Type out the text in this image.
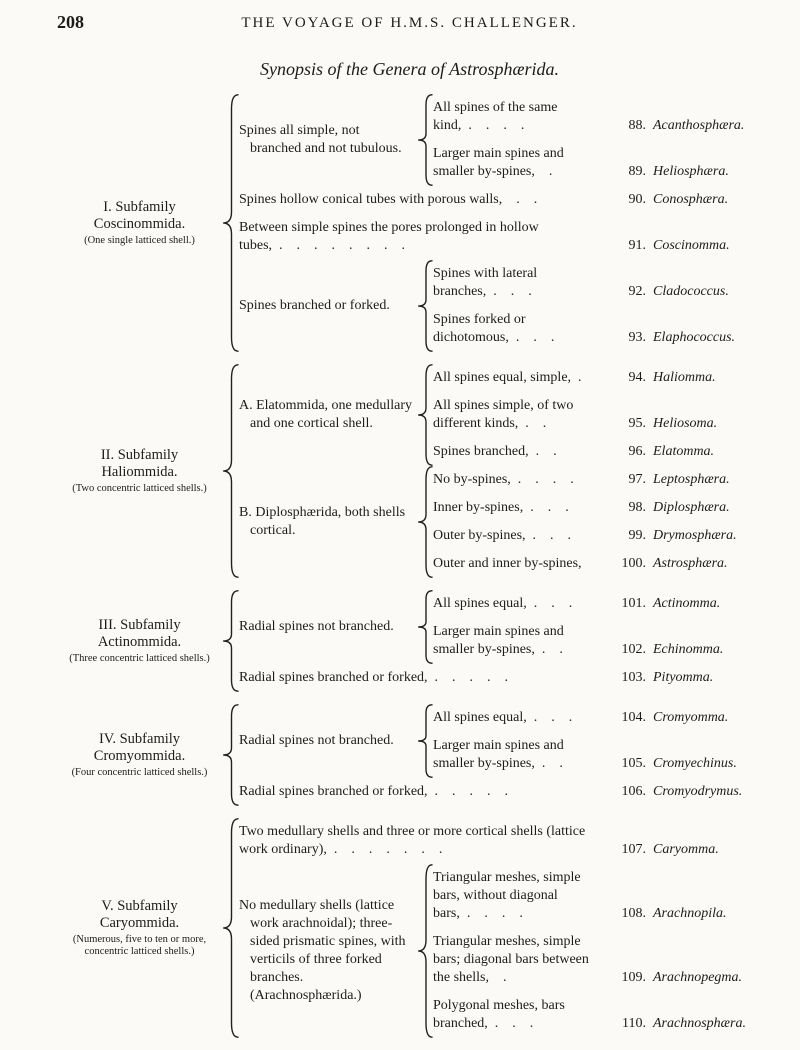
208	THE VOYAGE OF H.M.S. CHALLENGER.
Synopsis of the Genera of Astrosphærida.
I. Subfamily
Coscinommida.
(One single latticed shell.)
Spines all simple, not branched and not tubulous.
All spines of the same kind, . . . .	88. Acanthosphæra.
Larger main spines and smaller by-spines, .	89. Heliosphæra.
Spines hollow conical tubes with porous walls, . .	90. Conosphæra.
Between simple spines the pores prolonged in hollow tubes, . . . . . . . .	91. Coscinomma.
Spines branched or forked.
Spines with lateral branches, . . .	92. Cladococcus.
Spines forked or dichotomous, . . .	93. Elaphococcus.
II. Subfamily
Haliommida.
(Two concentric latticed shells.)
A. Elatommida, one medullary and one cortical shell.
All spines equal, simple, .	94. Haliomma.
All spines simple, of two different kinds, . .	95. Heliosoma.
Spines branched, . .	96. Elatomma.
B. Diplosphærida, both shells cortical.
No by-spines, . . . .	97. Leptosphæra.
Inner by-spines, . . .	98. Diplosphæra.
Outer by-spines, . . .	99. Drymosphæra.
Outer and inner by-spines,	100. Astrosphæra.
III. Subfamily
Actinommida.
(Three concentric latticed shells.)
Radial spines not branched.
All spines equal, . . .	101. Actinomma.
Larger main spines and smaller by-spines, . .	102. Echinomma.
Radial spines branched or forked, . . . . .	103. Pityomma.
IV. Subfamily
Cromyommida.
(Four concentric latticed shells.)
Radial spines not branched.
All spines equal, . . .	104. Cromyomma.
Larger main spines and smaller by-spines, . .	105. Cromyechinus.
Radial spines branched or forked, . . . . .	106. Cromyodrymus.
V. Subfamily
Caryommida.
(Numerous, five to ten or more, concentric latticed shells.)
Two medullary shells and three or more cortical shells (lattice work ordinary), . . . . . . .	107. Caryomma.
No medullary shells (lattice work arachnoidal); three-sided prismatic spines, with verticils of three forked branches. (Arachnosphærida.)
Triangular meshes, simple bars, without diagonal bars, . . . .	108. Arachnopila.
Triangular meshes, simple bars; diagonal bars between the shells, .	109. Arachnopegma.
Polygonal meshes, bars branched, . . .	110. Arachnosphæra.
